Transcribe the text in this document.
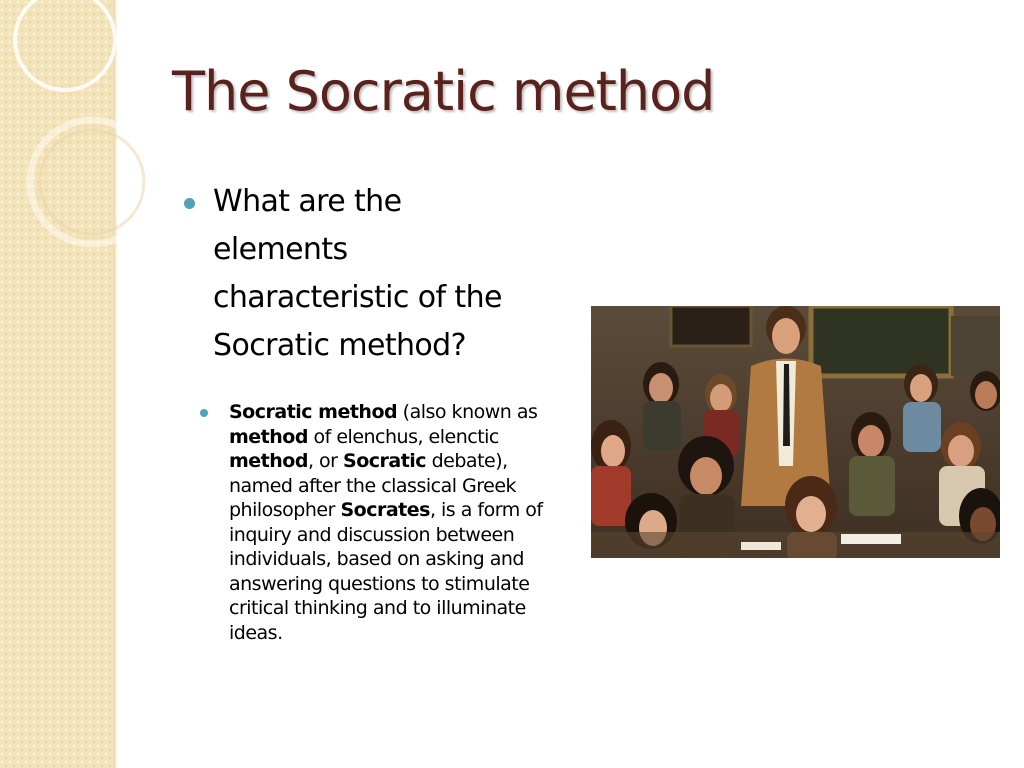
The Socratic method

What are the elements characteristic of the Socratic method?

Socratic method (also known as method of elenchus, elenctic method, or Socratic debate), named after the classical Greek philosopher Socrates, is a form of inquiry and discussion between individuals, based on asking and answering questions to stimulate critical thinking and to illuminate ideas.
